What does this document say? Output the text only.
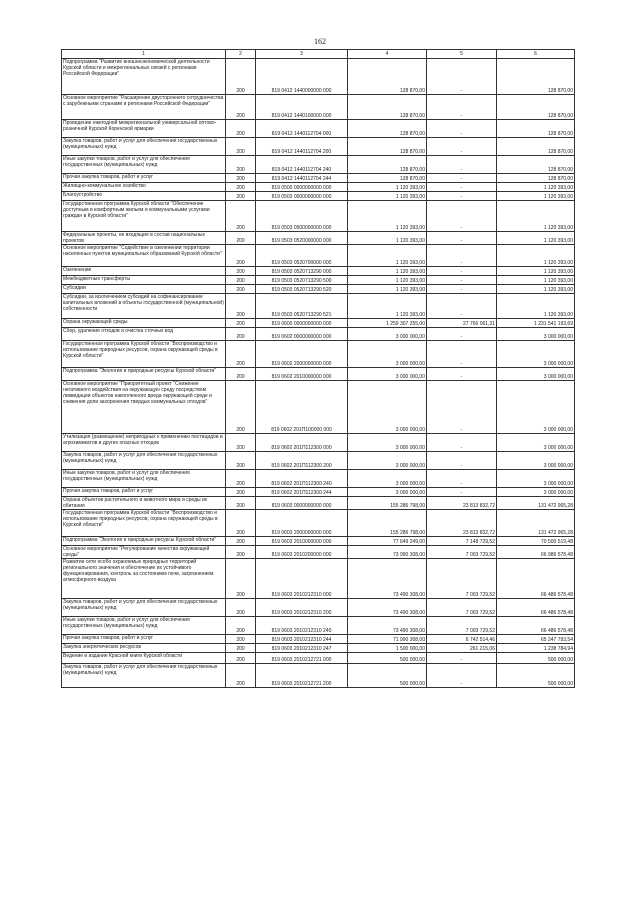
162
1	2	3	4	5	6
Подпрограмма "Развитие внешнеэкономической деятельности Курской области и межрегиональных связей с регионами Российской Федерации"	200	819 0412 1440000000 000	128 870,00	-	128 870,00
Основное мероприятие "Расширение двустороннего сотрудничества с зарубежными странами и регионами Российской Федерации"	200	819 0412 1440100000 000	128 870,00	-	128 870,00
Проведение ежегодной межрегиональной универсальной оптово-розничной Курской Коренской ярмарки	200	819 0412 1440112704 000	128 870,00	-	128 870,00
Закупка товаров, работ и услуг для обеспечения государственных (муниципальных) нужд	200	819 0412 1440112704 200	128 870,00	-	128 870,00
Иные закупки товаров, работ и услуг для обеспечения государственных (муниципальных) нужд	200	819 0412 1440112704 240	128 870,00	-	128 870,00
Прочая закупка товаров, работ и услуг	200	819 0412 1440112704 244	128 870,00	-	128 870,00
Жилищно-коммунальное хозяйство	200	819 0500 0000000000 000	1 120 393,00	-	1 120 393,00
Благоустройство	200	819 0503 0000000000 000	1 120 393,00	-	1 120 393,00
Государственная программа Курской области "Обеспечение доступным и комфортным жильем и коммунальными услугами граждан в Курской области"	200	819 0503 0500000000 000	1 120 393,00	-	1 120 393,00
Федеральные проекты, не входящие в состав национальных проектов	200	819 0503 0520000000 000	1 120 393,00	-	1 120 393,00
Основное мероприятие "Содействие в озеленении территории населенных пунктов муниципальных образований Курской области"	200	819 0503 0520700000 000	1 120 393,00	-	1 120 393,00
Озеленение	200	819 0503 0520713290 000	1 120 393,00	-	1 120 393,00
Межбюджетные трансферты	200	819 0503 0520713290 500	1 120 393,00	-	1 120 393,00
Субсидии	200	819 0503 0520713290 520	1 120 393,00	-	1 120 393,00
Субсидии, за исключением субсидий на софинансирование капитальных вложений в объекты государственной (муниципальной) собственности	200	819 0503 0520713290 521	1 120 393,00	-	1 120 393,00
Охрана окружающей среды	200	819 0600 0000000000 000	1 259 307 255,00	27 766 061,31	1 231 541 193,69
Сбор, удаление отходов и очистка сточных вод	200	819 0602 0000000000 000	3 000 000,00	-	3 000 000,00
Государственная программа Курской области "Воспроизводство и использование природных ресурсов, охрана окружающей среды в Курской области"	200	819 0602 2000000000 000	3 000 000,00	-	3 000 000,00
Подпрограмма "Экология и природные ресурсы Курской области"	200	819 0602 2010000000 000	3 000 000,00	-	3 000 000,00
Основное мероприятие "Приоритетный проект "Снижение негативного воздействия на окружающую среду посредством ликвидации объектов накопленного вреда окружающей среде и снижения доли захоронения твердых коммунальных отходов"	200	819 0602 201П100000 000	3 000 000,00	-	3 000 000,00
Утилизация (размещение) непригодных к применению пестицидов и агрохимикатов и других опасных отходов	200	819 0602 201П112300 000	3 000 000,00	-	3 000 000,00
Закупка товаров, работ и услуг для обеспечения государственных (муниципальных) нужд	200	819 0602 201П112300 200	3 000 000,00	-	3 000 000,00
Иные закупки товаров, работ и услуг для обеспечения государственных (муниципальных) нужд	200	819 0602 201П112300 240	3 000 000,00	-	3 000 000,00
Прочая закупка товаров, работ и услуг	200	819 0602 201П112300 244	3 000 000,00	-	3 000 000,00
Охрана объектов растительного и животного мира и среды их обитания	200	819 0603 0000000000 000	155 286 798,00	23 813 832,72	131 472 965,28
Государственная программа Курской области "Воспроизводство и использование природных ресурсов, охрана окружающей среды в Курской области"	200	819 0603 2000000000 000	155 286 798,00	23 813 832,72	131 472 965,28
Подпрограмма "Экология и природные ресурсы Курской области"	200	819 0603 2010000000 000	77 649 249,00	7 148 729,52	70 500 519,48
Основное мероприятие "Регулирование качества окружающей среды"	200	819 0603 2010200000 000	73 990 308,00	7 003 729,52	66 986 578,48
Развитие сети особо охраняемых природных территорий регионального значения и обеспечение их устойчивого функционирования, контроль за состоянием почв, загрязнением атмосферного воздуха	200	819 0603 2010212310 000	73 490 308,00	7 003 729,52	66 486 578,48
Закупка товаров, работ и услуг для обеспечения государственных (муниципальных) нужд	200	819 0603 2010212310 200	73 490 308,00	7 003 729,52	66 486 578,48
Иные закупки товаров, работ и услуг для обеспечения государственных (муниципальных) нужд	200	819 0603 2010212310 240	73 490 308,00	7 003 729,52	66 486 578,48
Прочая закупка товаров, работ и услуг	200	819 0603 2010212310 244	71 990 308,00	6 742 514,46	65 247 793,54
Закупка энергетических ресурсов	200	819 0603 2010212310 247	1 500 000,00	261 215,06	1 238 784,94
Ведение и издание Красной книги Курской области	200	819 0603 2010212721 000	500 000,00	-	500 000,00
Закупка товаров, работ и услуг для обеспечения государственных (муниципальных) нужд	200	819 0603 2010212721 200	500 000,00	-	500 000,00
